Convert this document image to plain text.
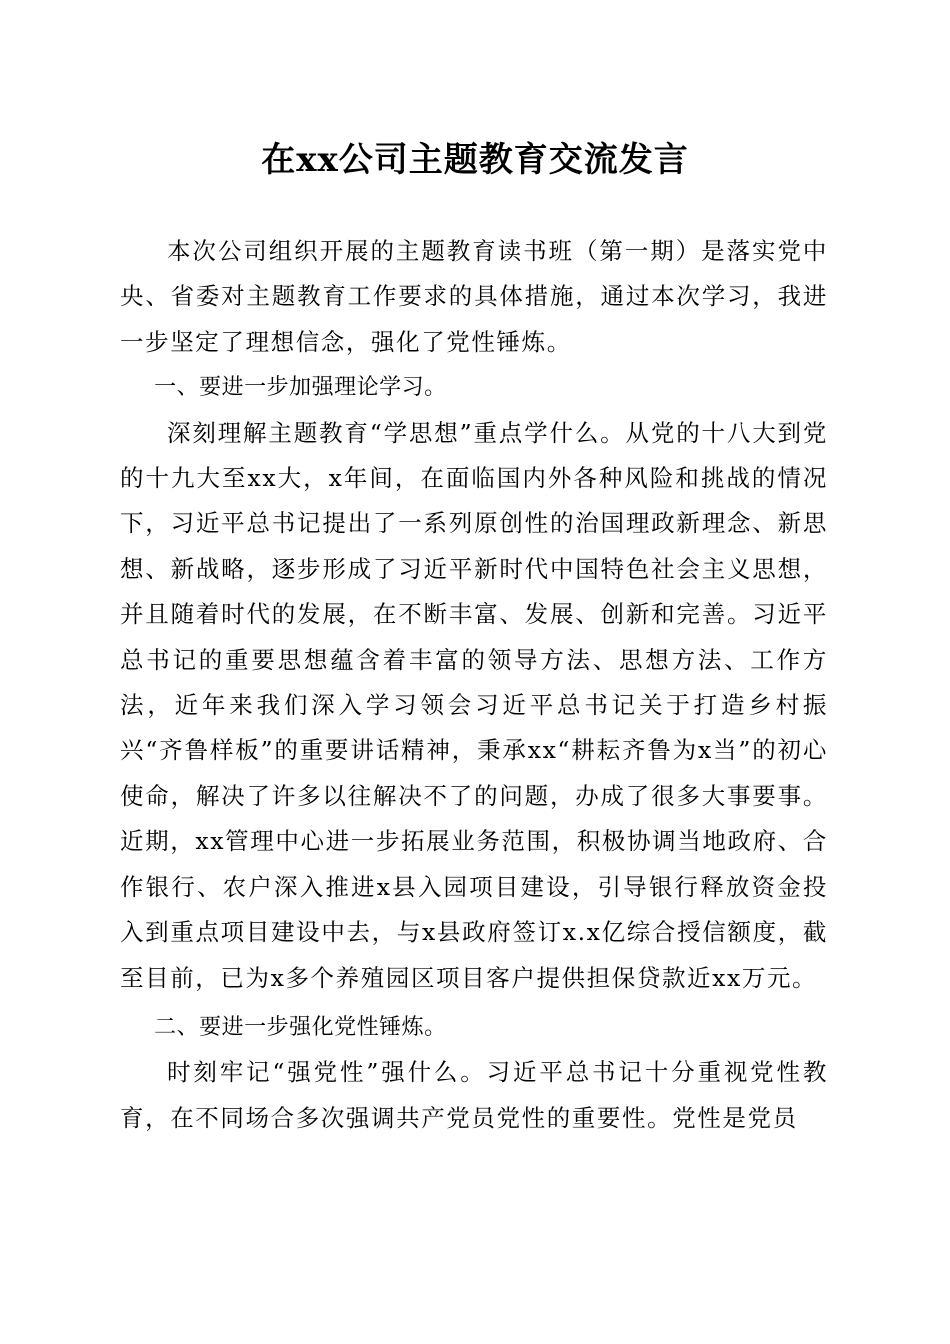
在xx公司主题教育交流发言

本次公司组织开展的主题教育读书班（第一期）是落实党中央、省委对主题教育工作要求的具体措施，通过本次学习，我进一步坚定了理想信念，强化了党性锤炼。

一、要进一步加强理论学习。

深刻理解主题教育“学思想”重点学什么。从党的十八大到党的十九大至xx大，x年间，在面临国内外各种风险和挑战的情况下，习近平总书记提出了一系列原创性的治国理政新理念、新思想、新战略，逐步形成了习近平新时代中国特色社会主义思想，并且随着时代的发展，在不断丰富、发展、创新和完善。习近平总书记的重要思想蕴含着丰富的领导方法、思想方法、工作方法，近年来我们深入学习领会习近平总书记关于打造乡村振兴“齐鲁样板”的重要讲话精神，秉承xx“耕耘齐鲁为x当”的初心使命，解决了许多以往解决不了的问题，办成了很多大事要事。近期，xx管理中心进一步拓展业务范围，积极协调当地政府、合作银行、农户深入推进x县入园项目建设，引导银行释放资金投入到重点项目建设中去，与x县政府签订x.x亿综合授信额度，截至目前，已为x多个养殖园区项目客户提供担保贷款近xx万元。

二、要进一步强化党性锤炼。

时刻牢记“强党性”强什么。习近平总书记十分重视党性教育，在不同场合多次强调共产党员党性的重要性。党性是党员
